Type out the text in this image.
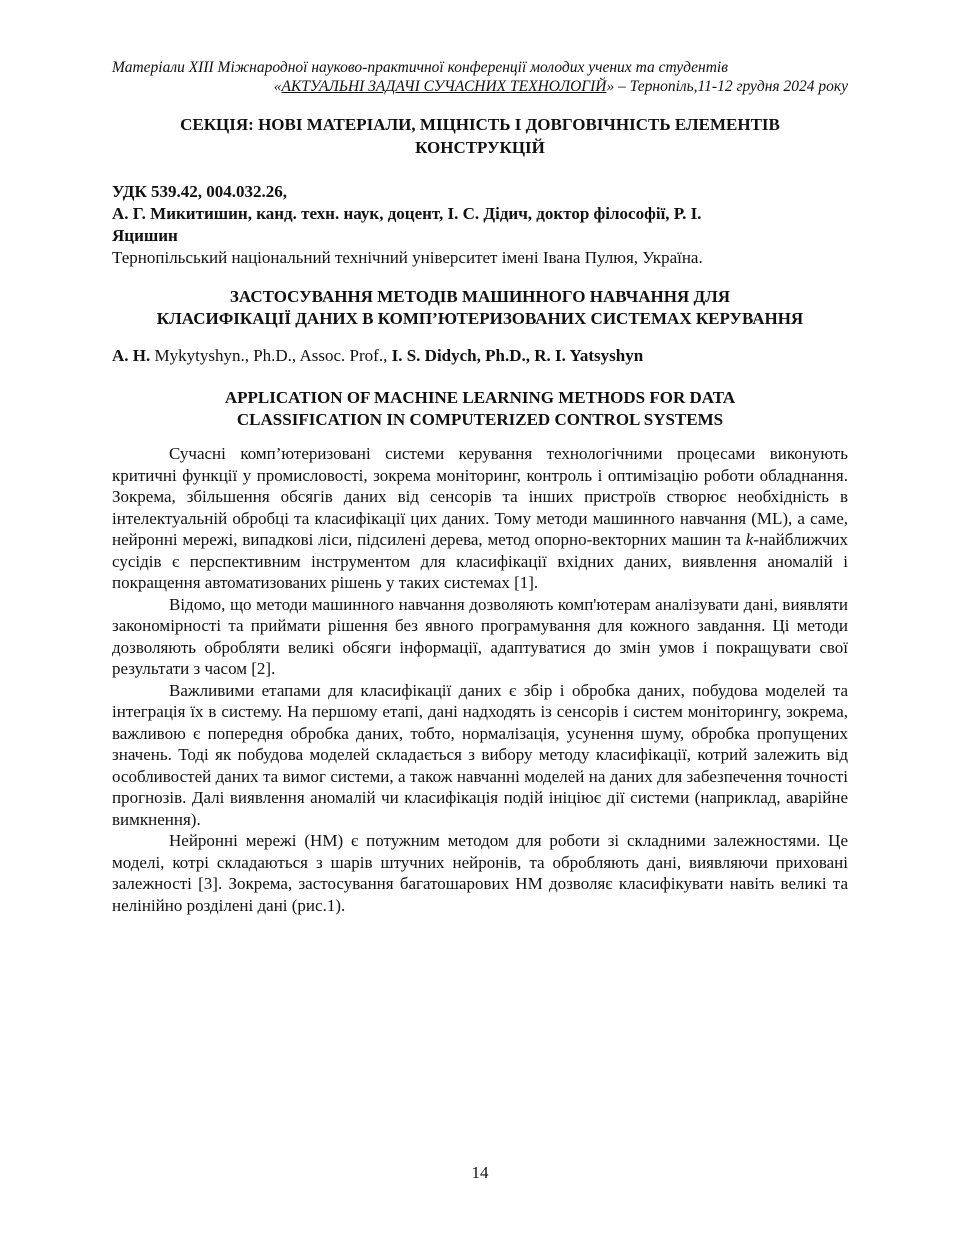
Матеріали XIII Міжнародної науково-практичної конференції молодих учених та студентів
«АКТУАЛЬНІ ЗАДАЧІ СУЧАСНИХ ТЕХНОЛОГІЙ» – Тернопіль,11-12 грудня 2024 року
СЕКЦІЯ: НОВІ МАТЕРІАЛИ, МІЦНІСТЬ І ДОВГОВІЧНІСТЬ ЕЛЕМЕНТІВ
КОНСТРУКЦІЙ
УДК 539.42, 004.032.26,
А. Г. Микитишин, канд. техн. наук, доцент, І. С. Дідич, доктор філософії, Р. І.
Яцишин
Тернопільський національний технічний університет імені Івана Пулюя, Україна.
ЗАСТОСУВАННЯ МЕТОДІВ МАШИННОГО НАВЧАННЯ ДЛЯ
КЛАСИФІКАЦІЇ ДАНИХ В КОМП’ЮТЕРИЗОВАНИХ СИСТЕМАХ КЕРУВАННЯ
A. H. Mykytyshyn., Ph.D., Assoc. Prof., I. S. Didych, Ph.D., R. I. Yatsyshyn
APPLICATION OF MACHINE LEARNING METHODS FOR DATA
CLASSIFICATION IN COMPUTERIZED CONTROL SYSTEMS

Сучасні комп’ютеризовані системи керування технологічними процесами виконують критичні функції у промисловості, зокрема моніторинг, контроль і оптимізацію роботи обладнання. Зокрема, збільшення обсягів даних від сенсорів та інших пристроїв створює необхідність в інтелектуальній обробці та класифікації цих даних. Тому методи машинного навчання (ML), а саме, нейронні мережі, випадкові ліси, підсилені дерева, метод опорно-векторних машин та k-найближчих сусідів є перспективним інструментом для класифікації вхідних даних, виявлення аномалій і покращення автоматизованих рішень у таких системах [1].

Відомо, що методи машинного навчання дозволяють комп'ютерам аналізувати дані, виявляти закономірності та приймати рішення без явного програмування для кожного завдання. Ці методи дозволяють обробляти великі обсяги інформації, адаптуватися до змін умов і покращувати свої результати з часом [2].

Важливими етапами для класифікації даних є збір і обробка даних, побудова моделей та інтеграція їх в систему. На першому етапі, дані надходять із сенсорів і систем моніторингу, зокрема, важливою є попередня обробка даних, тобто, нормалізація, усунення шуму, обробка пропущених значень. Тоді як побудова моделей складається з вибору методу класифікації, котрий залежить від особливостей даних та вимог системи, а також навчанні моделей на даних для забезпечення точності прогнозів. Далі виявлення аномалій чи класифікація подій ініціює дії системи (наприклад, аварійне вимкнення).

Нейронні мережі (НМ) є потужним методом для роботи зі складними залежностями. Це моделі, котрі складаються з шарів штучних нейронів, та обробляють дані, виявляючи приховані залежності [3]. Зокрема, застосування багатошарових НМ дозволяє класифікувати навіть великі та нелінійно розділені дані (рис.1).

14
